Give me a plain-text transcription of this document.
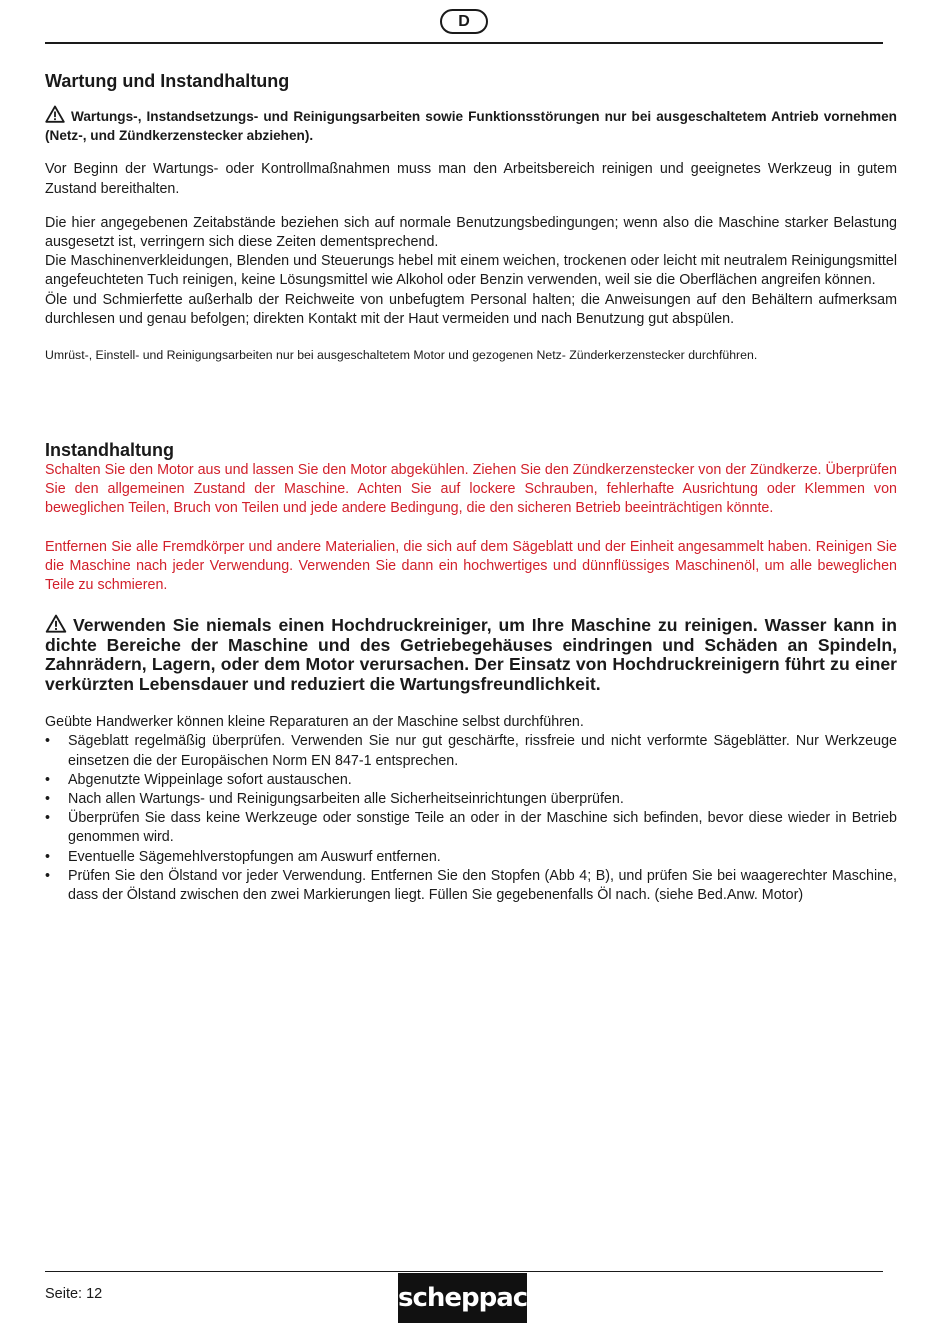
D
Wartung und Instandhaltung

Wartungs-, Instandsetzungs- und Reinigungsarbeiten sowie Funktionsstörungen nur bei ausgeschaltetem Antrieb vornehmen (Netz-, und Zündkerzenstecker abziehen).

Vor Beginn der Wartungs- oder Kontrollmaßnahmen muss man den Arbeitsbereich reinigen und geeignetes Werkzeug in gutem Zustand bereithalten.

Die hier angegebenen Zeitabstände beziehen sich auf normale Benutzungsbedingungen; wenn also die Maschine starker Belastung ausgesetzt ist, verringern sich diese Zeiten dementsprechend.

Die Maschinenverkleidungen, Blenden und Steuerungs hebel mit einem weichen, trockenen oder leicht mit neutralem Reinigungsmittel angefeuchteten Tuch reinigen, keine Lösungsmittel wie Alkohol oder Benzin verwenden, weil sie die Oberflächen angreifen können.

Öle und Schmierfette außerhalb der Reichweite von unbefugtem Personal halten; die Anweisungen auf den Behältern aufmerksam durchlesen und genau befolgen; direkten Kontakt mit der Haut vermeiden und nach Benutzung gut abspülen.

Umrüst-, Einstell- und Reinigungsarbeiten nur bei ausgeschaltetem Motor und gezogenen Netz- Zünderkerzenstecker durchführen.

Instandhaltung

Schalten Sie den Motor aus und lassen Sie den Motor abgekühlen. Ziehen Sie den Zündkerzenstecker von der Zündkerze. Überprüfen Sie den allgemeinen Zustand der Maschine. Achten Sie auf lockere Schrauben, fehlerhafte Ausrichtung oder Klemmen von beweglichen Teilen, Bruch von Teilen und jede andere Bedingung, die den sicheren Betrieb beeinträchtigen könnte.

Entfernen Sie alle Fremdkörper und andere Materialien, die sich auf dem Sägeblatt und der Einheit angesammelt haben. Reinigen Sie die Maschine nach jeder Verwendung. Verwenden Sie dann ein hochwertiges und dünnflüssiges Maschinenöl, um alle beweglichen Teile zu schmieren.

Verwenden Sie niemals einen Hochdruckreiniger, um Ihre Maschine zu reinigen. Wasser kann in dichte Bereiche der Maschine und des Getriebegehäuses eindringen und Schäden an Spindeln, Zahnrädern, Lagern, oder dem Motor verursachen. Der Einsatz von Hochdruckreinigern führt zu einer verkürzten Lebensdauer und reduziert die Wartungsfreundlichkeit.

Geübte Handwerker können kleine Reparaturen an der Maschine selbst durchführen.

• Sägeblatt regelmäßig überprüfen. Verwenden Sie nur gut geschärfte, rissfreie und nicht verformte Sägeblätter. Nur Werkzeuge einsetzen die der Europäischen Norm EN 847-1 entsprechen.
• Abgenutzte Wippeinlage sofort austauschen.
• Nach allen Wartungs- und Reinigungsarbeiten alle Sicherheitseinrichtungen überprüfen.
• Überprüfen Sie dass keine Werkzeuge oder sonstige Teile an oder in der Maschine sich befinden, bevor diese wieder in Betrieb genommen wird.
• Eventuelle Sägemehlverstopfungen am Auswurf entfernen.
• Prüfen Sie den Ölstand vor jeder Verwendung. Entfernen Sie den Stopfen (Abb 4; B), und prüfen Sie bei waagerechter Maschine, dass der Ölstand zwischen den zwei Markierungen liegt. Füllen Sie gegebenenfalls Öl nach. (siehe Bed.Anw. Motor)
Seite: 12	scheppach
